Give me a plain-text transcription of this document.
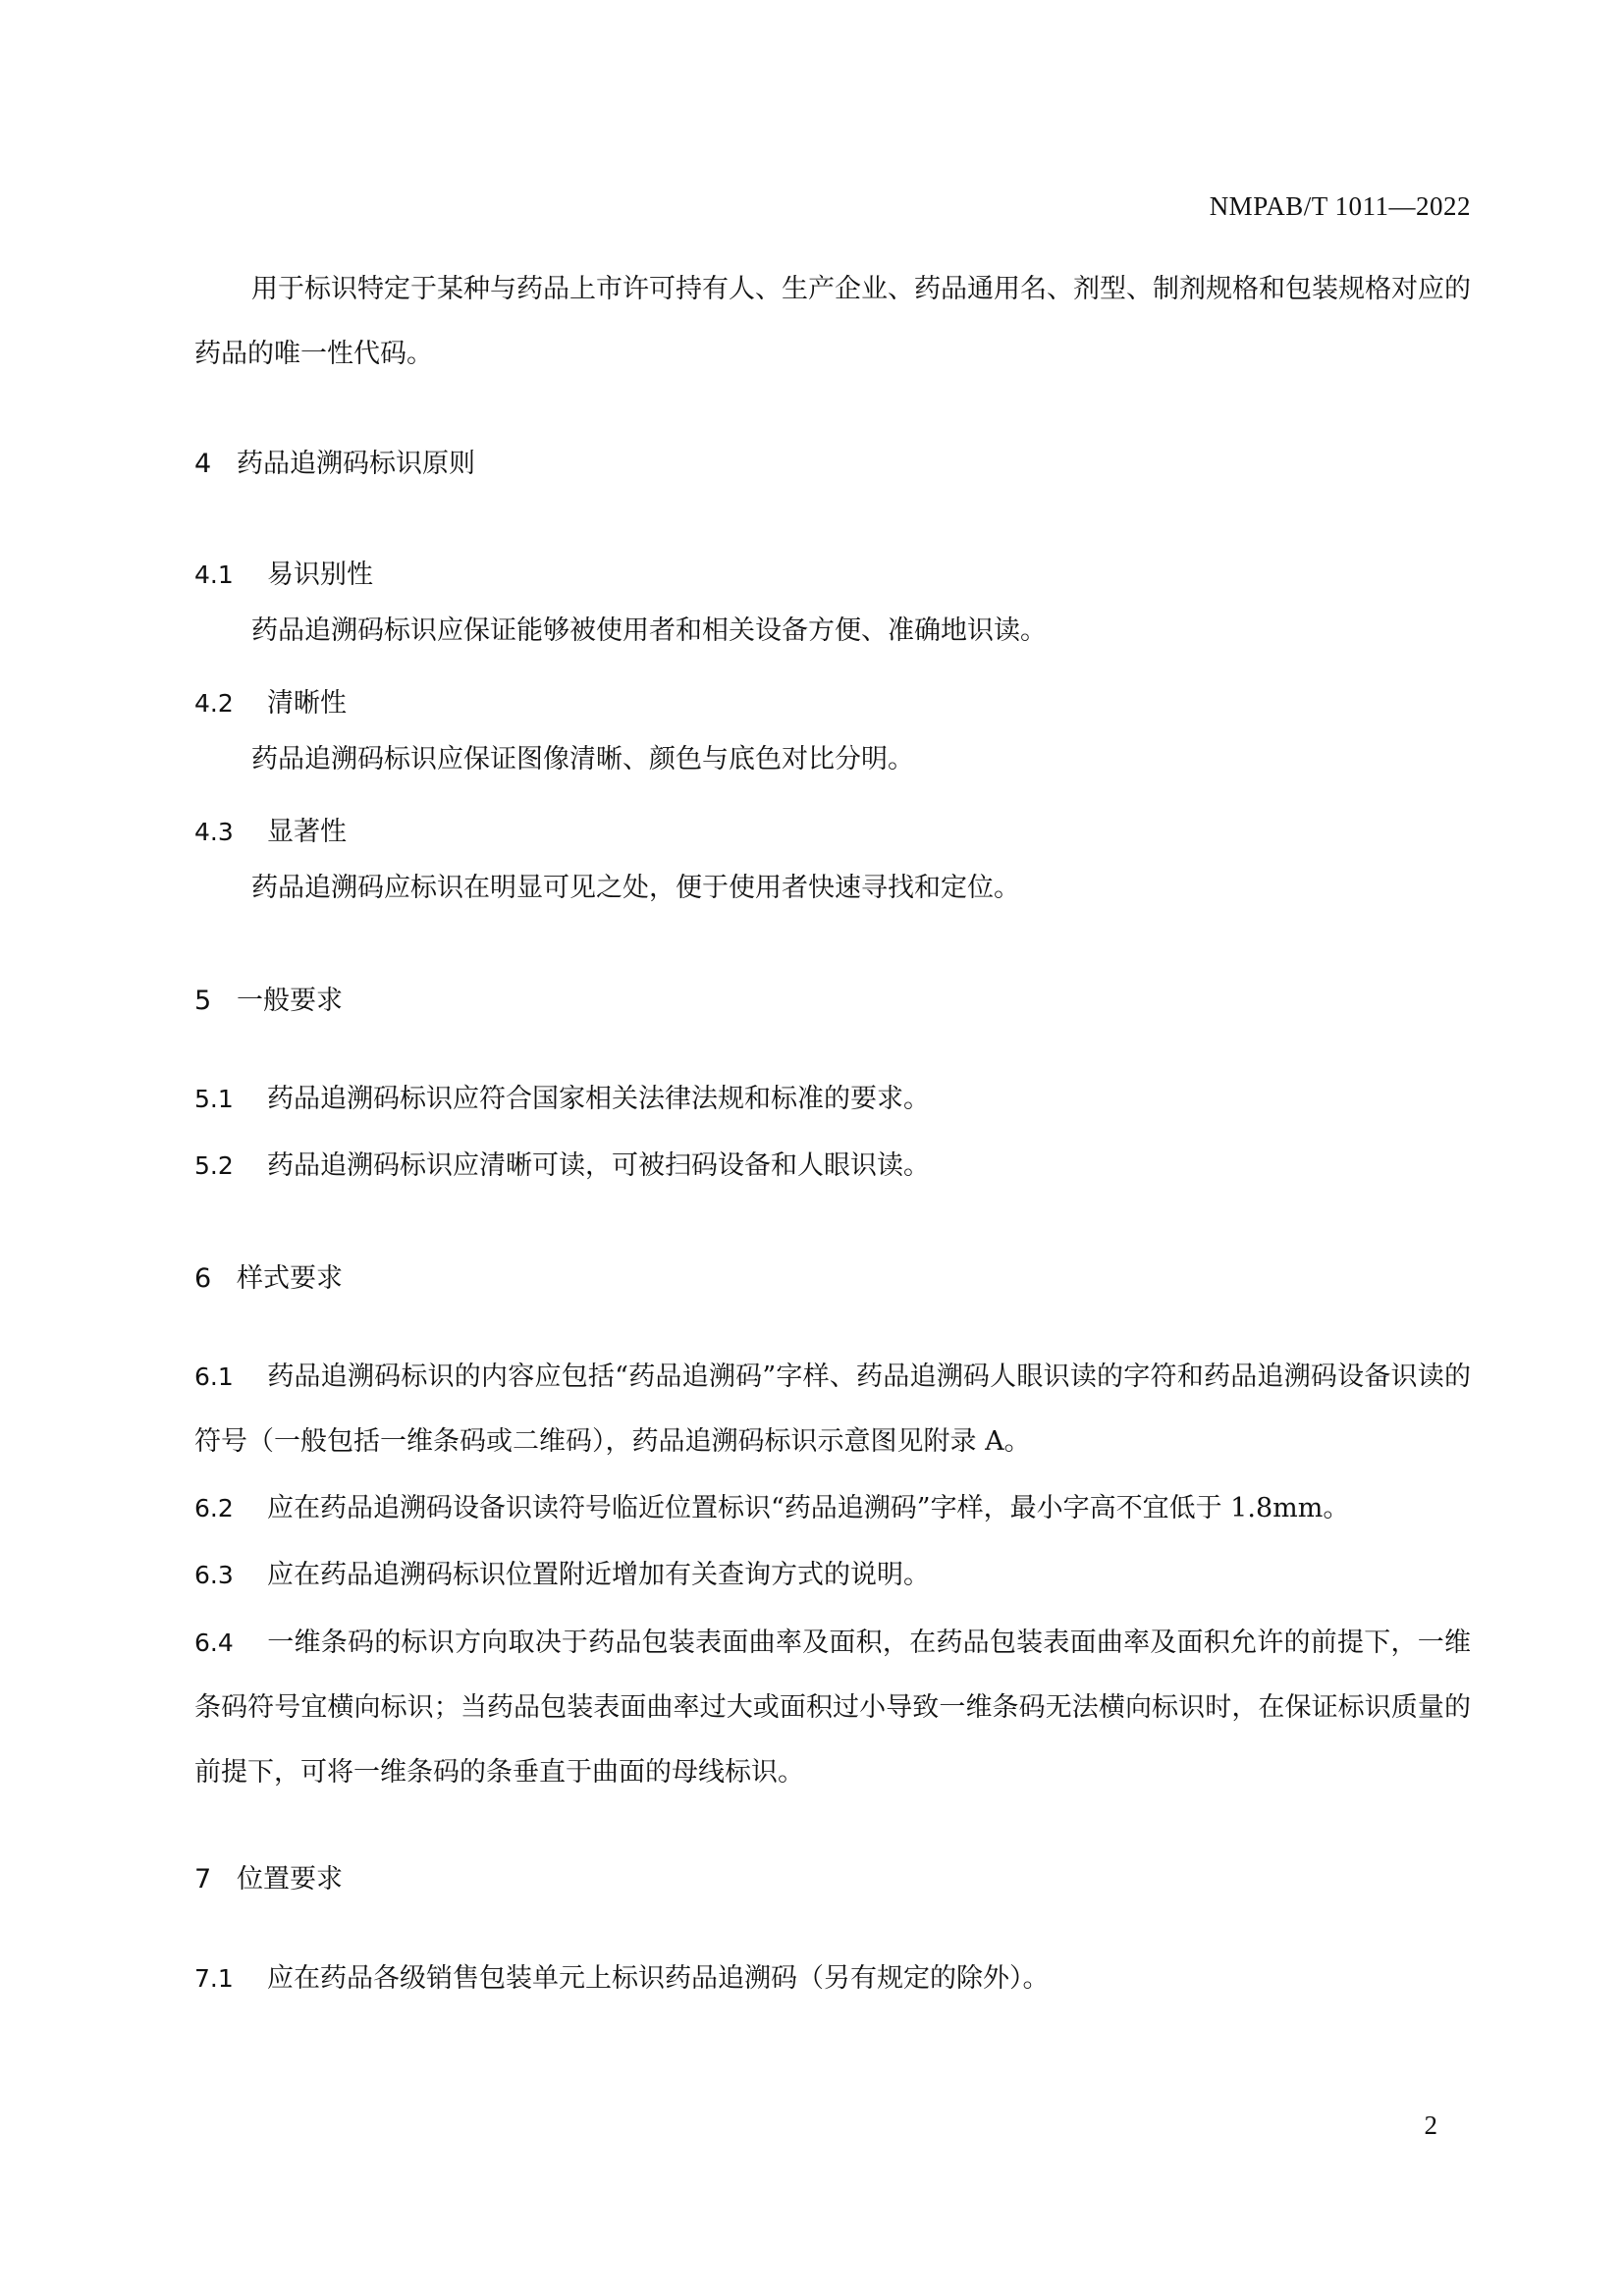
NMPAB/T 1011—2022
用于标识特定于某种与药品上市许可持有人、生产企业、药品通用名、剂型、制剂规格和包装规格对应的药品的唯一性代码。
4 药品追溯码标识原则
4.1 易识别性
药品追溯码标识应保证能够被使用者和相关设备方便、准确地识读。
4.2 清晰性
药品追溯码标识应保证图像清晰、颜色与底色对比分明。
4.3 显著性
药品追溯码应标识在明显可见之处，便于使用者快速寻找和定位。
5 一般要求
5.1 药品追溯码标识应符合国家相关法律法规和标准的要求。
5.2 药品追溯码标识应清晰可读，可被扫码设备和人眼识读。
6 样式要求
6.1 药品追溯码标识的内容应包括“药品追溯码”字样、药品追溯码人眼识读的字符和药品追溯码设备识读的符号（一般包括一维条码或二维码），药品追溯码标识示意图见附录 A。
6.2 应在药品追溯码设备识读符号临近位置标识“药品追溯码”字样，最小字高不宜低于 1.8mm。
6.3 应在药品追溯码标识位置附近增加有关查询方式的说明。
6.4 一维条码的标识方向取决于药品包装表面曲率及面积，在药品包装表面曲率及面积允许的前提下，一维条码符号宜横向标识；当药品包装表面曲率过大或面积过小导致一维条码无法横向标识时，在保证标识质量的前提下，可将一维条码的条垂直于曲面的母线标识。
7 位置要求
7.1 应在药品各级销售包装单元上标识药品追溯码（另有规定的除外）。
2
